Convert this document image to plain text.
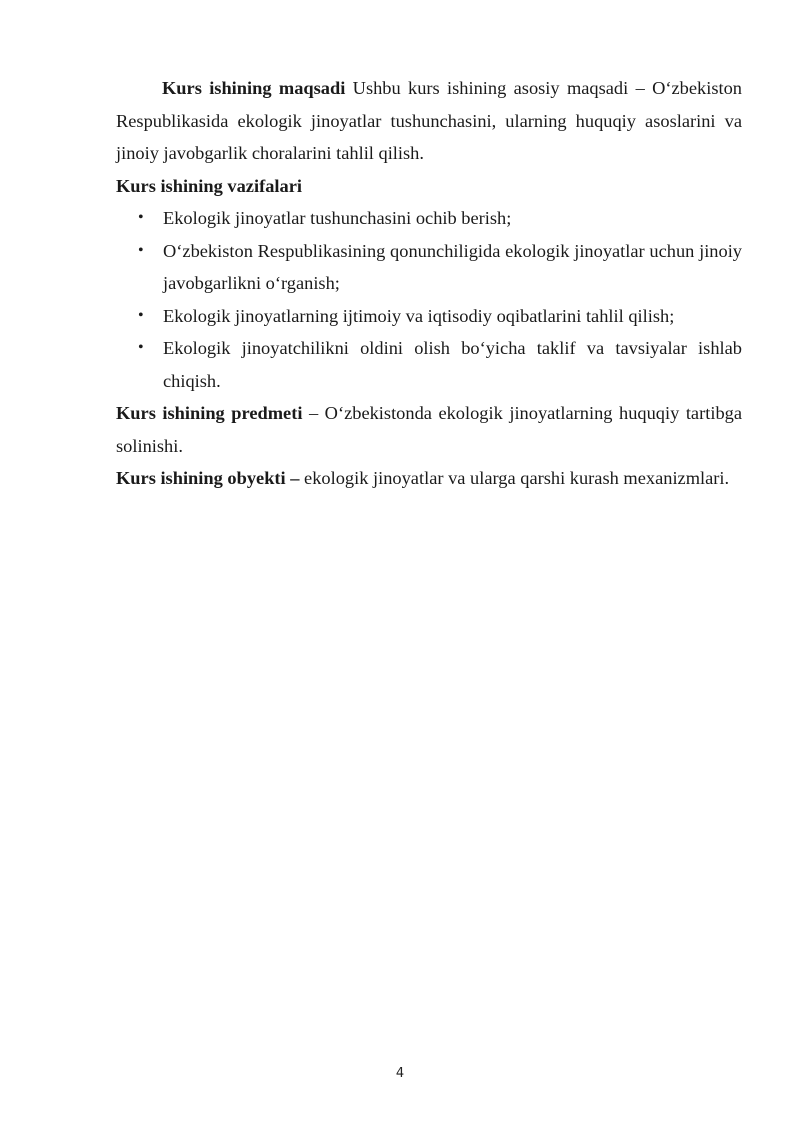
Kurs ishining maqsadi Ushbu kurs ishining asosiy maqsadi – O‘zbekiston Respublikasida ekologik jinoyatlar tushunchasini, ularning huquqiy asoslarini va jinoiy javobgarlik choralarini tahlil qilish.

Kurs ishining vazifalari

• Ekologik jinoyatlar tushunchasini ochib berish;
• O‘zbekiston Respublikasining qonunchiligida ekologik jinoyatlar uchun jinoiy javobgarlikni o‘rganish;
• Ekologik jinoyatlarning ijtimoiy va iqtisodiy oqibatlarini tahlil qilish;
• Ekologik jinoyatchilikni oldini olish bo‘yicha taklif va tavsiyalar ishlab chiqish.

Kurs ishining predmeti – O‘zbekistonda ekologik jinoyatlarning huquqiy tartibga solinishi.

Kurs ishining obyekti – ekologik jinoyatlar va ularga qarshi kurash mexanizmlari.

4
